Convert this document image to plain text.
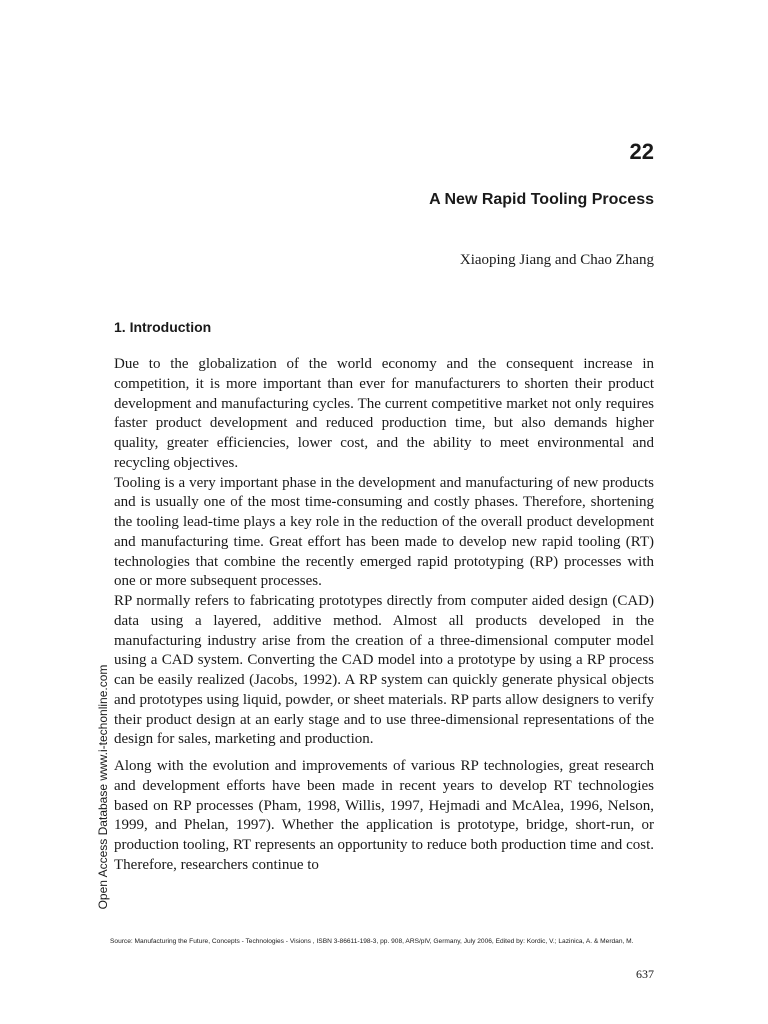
22
A New Rapid Tooling Process
Xiaoping Jiang and Chao Zhang
1. Introduction

Due to the globalization of the world economy and the consequent increase in competition, it is more important than ever for manufacturers to shorten their product development and manufacturing cycles. The current competitive market not only requires faster product development and reduced production time, but also demands higher quality, greater efficiencies, lower cost, and the ability to meet environmental and recycling objectives.

Tooling is a very important phase in the development and manufacturing of new products and is usually one of the most time-consuming and costly phases. Therefore, shortening the tooling lead-time plays a key role in the reduction of the overall product development and manufacturing time. Great effort has been made to develop new rapid tooling (RT) technologies that combine the recently emerged rapid prototyping (RP) processes with one or more subsequent processes.

RP normally refers to fabricating prototypes directly from computer aided design (CAD) data using a layered, additive method. Almost all products developed in the manufacturing industry arise from the creation of a three-dimensional computer model using a CAD system. Converting the CAD model into a prototype by using a RP process can be easily realized (Jacobs, 1992). A RP system can quickly generate physical objects and prototypes using liquid, powder, or sheet materials. RP parts allow designers to verify their product design at an early stage and to use three-dimensional representations of the design for sales, marketing and production.

Along with the evolution and improvements of various RP technologies, great research and development efforts have been made in recent years to develop RT technologies based on RP processes (Pham, 1998, Willis, 1997, Hejmadi and McAlea, 1996, Nelson, 1999, and Phelan, 1997). Whether the application is prototype, bridge, short-run, or production tooling, RT represents an opportunity to reduce both production time and cost. Therefore, researchers continue to

Open Access Database www.i-techonline.com
Source: Manufacturing the Future, Concepts - Technologies - Visions , ISBN 3-86611-198-3, pp. 908, ARS/plV, Germany, July 2006, Edited by: Kordic, V.; Lazinica, A. & Merdan, M.
637
